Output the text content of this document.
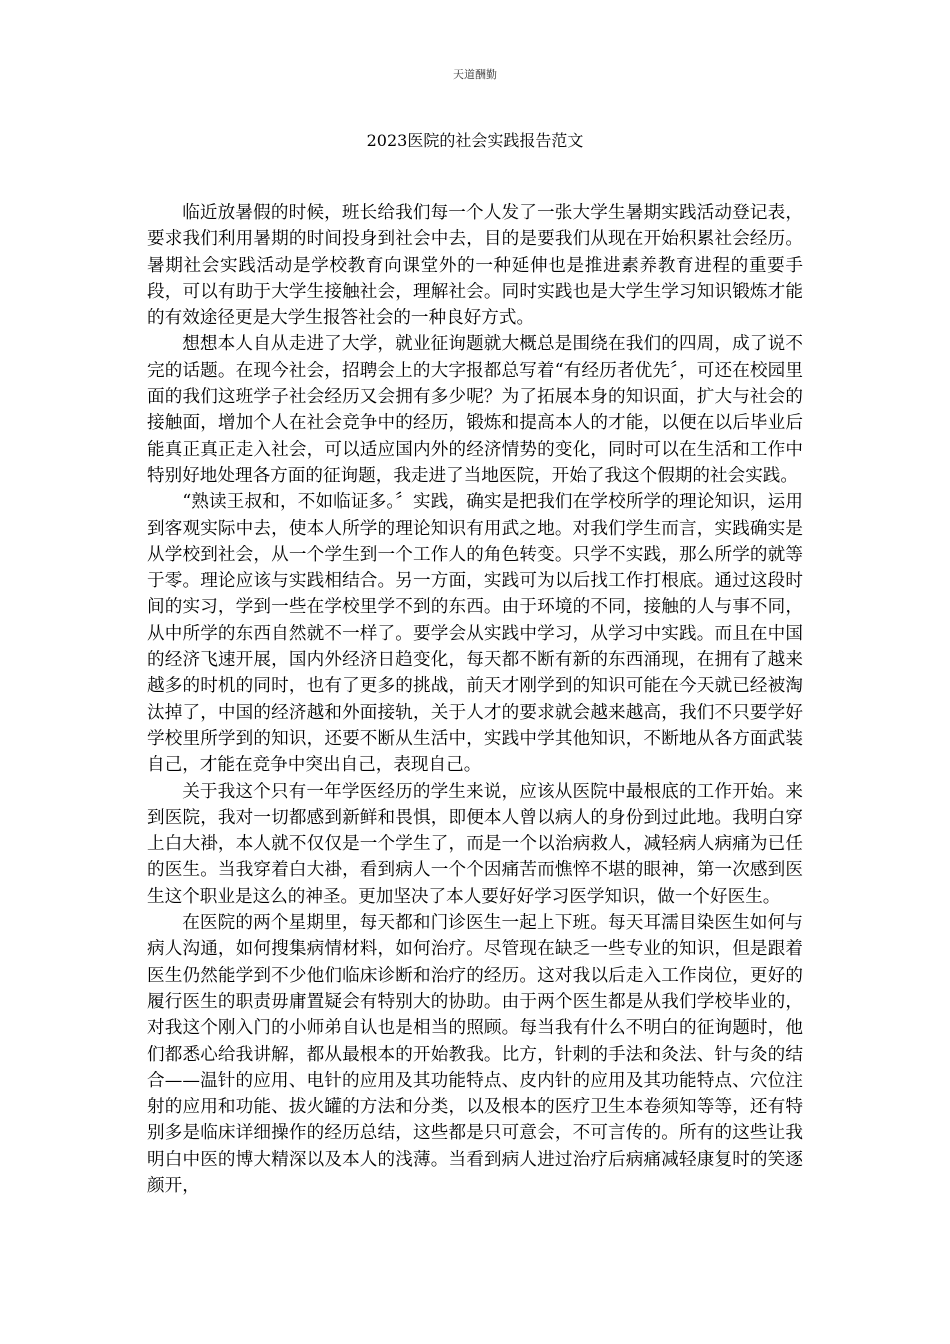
天道酬勤
2023医院的社会实践报告范文

临近放暑假的时候，班长给我们每一个人发了一张大学生暑期实践活动登记表，要求我们利用暑期的时间投身到社会中去，目的是要我们从现在开始积累社会经历。暑期社会实践活动是学校教育向课堂外的一种延伸也是推进素养教育进程的重要手段，可以有助于大学生接触社会，理解社会。同时实践也是大学生学习知识锻炼才能的有效途径更是大学生报答社会的一种良好方式。

想想本人自从走进了大学，就业征询题就大概总是围绕在我们的四周，成了说不完的话题。在现今社会，招聘会上的大字报都总写着“有经历者优先〞，可还在校园里面的我们这班学子社会经历又会拥有多少呢？为了拓展本身的知识面，扩大与社会的接触面，增加个人在社会竞争中的经历，锻炼和提高本人的才能，以便在以后毕业后能真正真正走入社会，可以适应国内外的经济情势的变化，同时可以在生活和工作中特别好地处理各方面的征询题，我走进了当地医院，开始了我这个假期的社会实践。

“熟读王叔和，不如临证多。〞实践，确实是把我们在学校所学的理论知识，运用到客观实际中去，使本人所学的理论知识有用武之地。对我们学生而言，实践确实是从学校到社会，从一个学生到一个工作人的角色转变。只学不实践，那么所学的就等于零。理论应该与实践相结合。另一方面，实践可为以后找工作打根底。通过这段时间的实习，学到一些在学校里学不到的东西。由于环境的不同，接触的人与事不同，从中所学的东西自然就不一样了。要学会从实践中学习，从学习中实践。而且在中国的经济飞速开展，国内外经济日趋变化，每天都不断有新的东西涌现，在拥有了越来越多的时机的同时，也有了更多的挑战，前天才刚学到的知识可能在今天就已经被淘汰掉了，中国的经济越和外面接轨，关于人才的要求就会越来越高，我们不只要学好学校里所学到的知识，还要不断从生活中，实践中学其他知识，不断地从各方面武装自己，才能在竞争中突出自己，表现自己。

关于我这个只有一年学医经历的学生来说，应该从医院中最根底的工作开始。来到医院，我对一切都感到新鲜和畏惧，即便本人曾以病人的身份到过此地。我明白穿上白大褂，本人就不仅仅是一个学生了，而是一个以治病救人，减轻病人病痛为已任的医生。当我穿着白大褂，看到病人一个个因痛苦而憔悴不堪的眼神，第一次感到医生这个职业是这么的神圣。更加坚决了本人要好好学习医学知识，做一个好医生。

在医院的两个星期里，每天都和门诊医生一起上下班。每天耳濡目染医生如何与病人沟通，如何搜集病情材料，如何治疗。尽管现在缺乏一些专业的知识，但是跟着医生仍然能学到不少他们临床诊断和治疗的经历。这对我以后走入工作岗位，更好的履行医生的职责毋庸置疑会有特别大的协助。由于两个医生都是从我们学校毕业的，对我这个刚入门的小师弟自认也是相当的照顾。每当我有什么不明白的征询题时，他们都悉心给我讲解，都从最根本的开始教我。比方，针刺的手法和灸法、针与灸的结合——温针的应用、电针的应用及其功能特点、皮内针的应用及其功能特点、穴位注射的应用和功能、拔火罐的方法和分类，以及根本的医疗卫生本卷须知等等，还有特别多是临床详细操作的经历总结，这些都是只可意会，不可言传的。所有的这些让我明白中医的博大精深以及本人的浅薄。当看到病人进过治疗后病痛减轻康复时的笑逐颜开，
